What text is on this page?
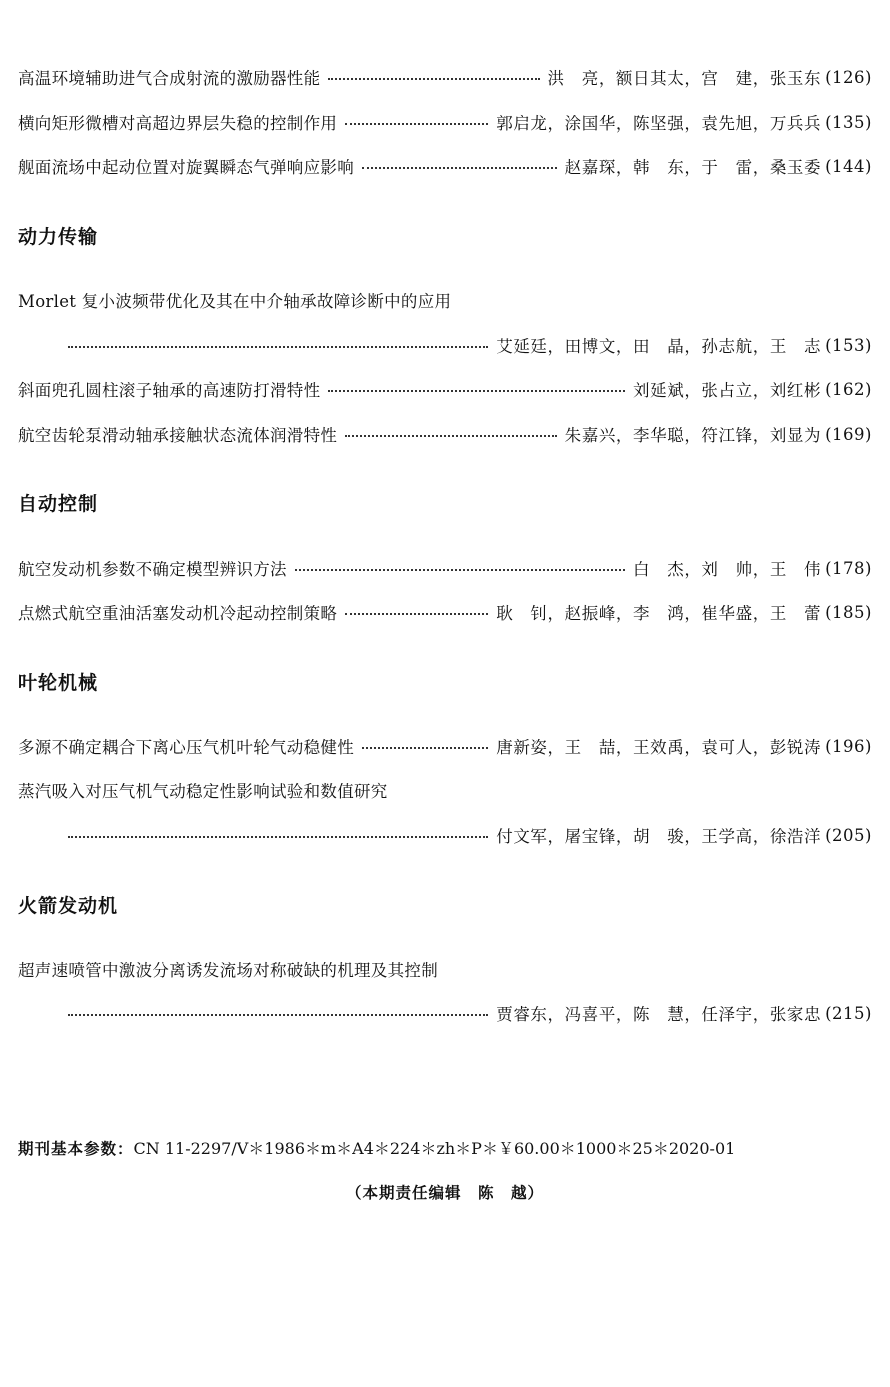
高温环境辅助进气合成射流的激励器性能	洪　亮，额日其太，宫　建，张玉东 (126)
横向矩形微槽对高超边界层失稳的控制作用	郭启龙，涂国华，陈坚强，袁先旭，万兵兵 (135)
舰面流场中起动位置对旋翼瞬态气弹响应影响	赵嘉琛，韩　东，于　雷，桑玉委 (144)
动力传输
Morlet 复小波频带优化及其在中介轴承故障诊断中的应用
艾延廷，田博文，田　晶，孙志航，王　志 (153)
斜面兜孔圆柱滚子轴承的高速防打滑特性	刘延斌，张占立，刘红彬 (162)
航空齿轮泵滑动轴承接触状态流体润滑特性	朱嘉兴，李华聪，符江锋，刘显为 (169)
自动控制
航空发动机参数不确定模型辨识方法	白　杰，刘　帅，王　伟 (178)
点燃式航空重油活塞发动机冷起动控制策略	耿　钊，赵振峰，李　鸿，崔华盛，王　蕾 (185)
叶轮机械
多源不确定耦合下离心压气机叶轮气动稳健性	唐新姿，王　喆，王效禹，袁可人，彭锐涛 (196)
蒸汽吸入对压气机气动稳定性影响试验和数值研究
付文军，屠宝锋，胡　骏，王学高，徐浩洋 (205)
火箭发动机
超声速喷管中激波分离诱发流场对称破缺的机理及其控制
贾睿东，冯喜平，陈　慧，任泽宇，张家忠 (215)
期刊基本参数：CN 11-2297/V＊1986＊m＊A4＊224＊zh＊P＊￥60.00＊1000＊25＊2020-01
（本期责任编辑　陈　越）
